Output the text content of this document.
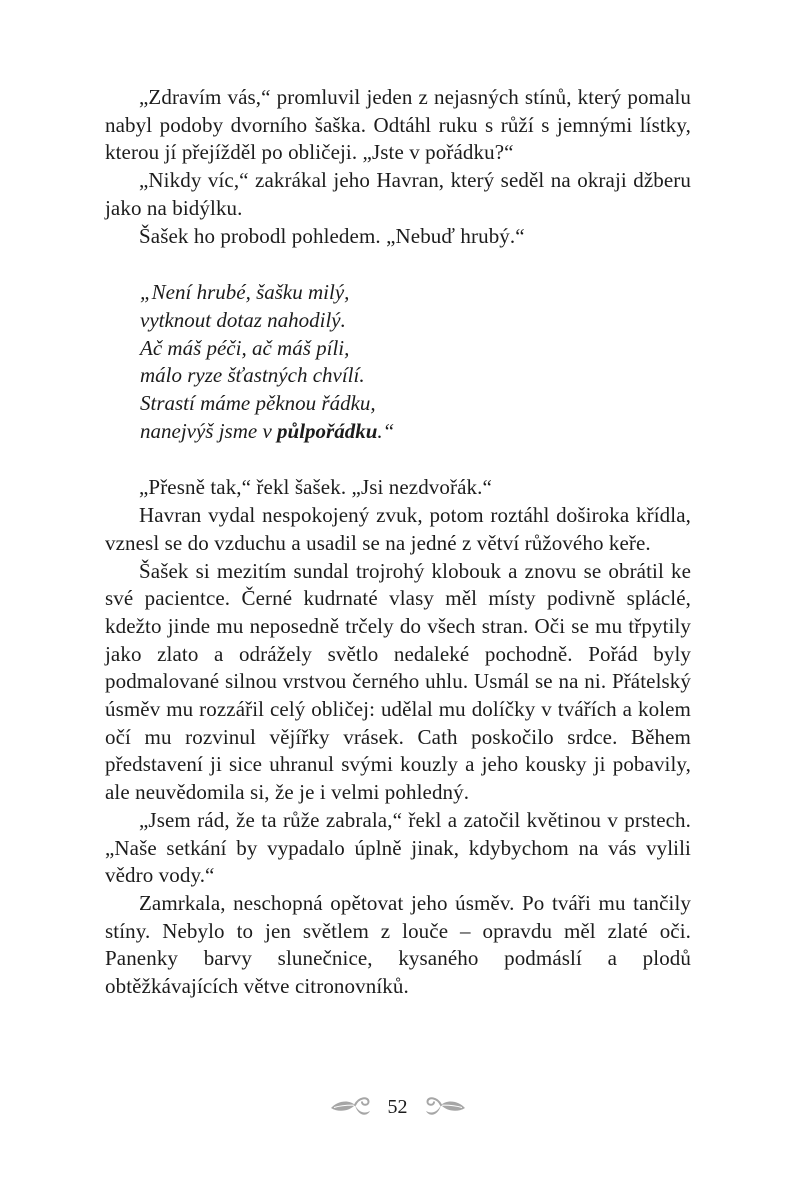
„Zdravím vás,“ promluvil jeden z nejasných stínů, který pomalu nabyl podoby dvorního šaška. Odtáhl ruku s růží s jemnými lístky, kterou jí přejížděl po obličeji. „Jste v pořádku?“

„Nikdy víc,“ zakrákal jeho Havran, který seděl na okraji džberu jako na bidýlku.

Šašek ho probodl pohledem. „Nebuď hrubý.“

„Není hrubé, šašku milý,
vytknout dotaz nahodilý.
Ač máš péči, ač máš píli,
málo ryze šťastných chvílí.
Strastí máme pěknou řádku,
nanejvýš jsme v půlpořádku.“

„Přesně tak,“ řekl šašek. „Jsi nezdvořák.“

Havran vydal nespokojený zvuk, potom roztáhl doširoka křídla, vznesl se do vzduchu a usadil se na jedné z větví růžového keře.

Šašek si mezitím sundal trojrohý klobouk a znovu se obrátil ke své pacientce. Černé kudrnaté vlasy měl místy podivně spláclé, kdežto jinde mu neposedně trčely do všech stran. Oči se mu třpytily jako zlato a odrážely světlo nedaleké pochodně. Pořád byly podmalované silnou vrstvou černého uhlu. Usmál se na ni. Přátelský úsměv mu rozzářil celý obličej: udělal mu dolíčky v tvářích a kolem očí mu rozvinul vějířky vrásek. Cath poskočilo srdce. Během představení ji sice uhranul svými kouzly a jeho kousky ji pobavily, ale neuvědomila si, že je i velmi pohledný.

„Jsem rád, že ta růže zabrala,“ řekl a zatočil květinou v prstech. „Naše setkání by vypadalo úplně jinak, kdybychom na vás vylili vědro vody.“

Zamrkala, neschopná opětovat jeho úsměv. Po tváři mu tančily stíny. Nebylo to jen světlem z louče – opravdu měl zlaté oči. Panenky barvy slunečnice, kysaného podmáslí a plodů obtěžkávajících větve citronovníků.

52
